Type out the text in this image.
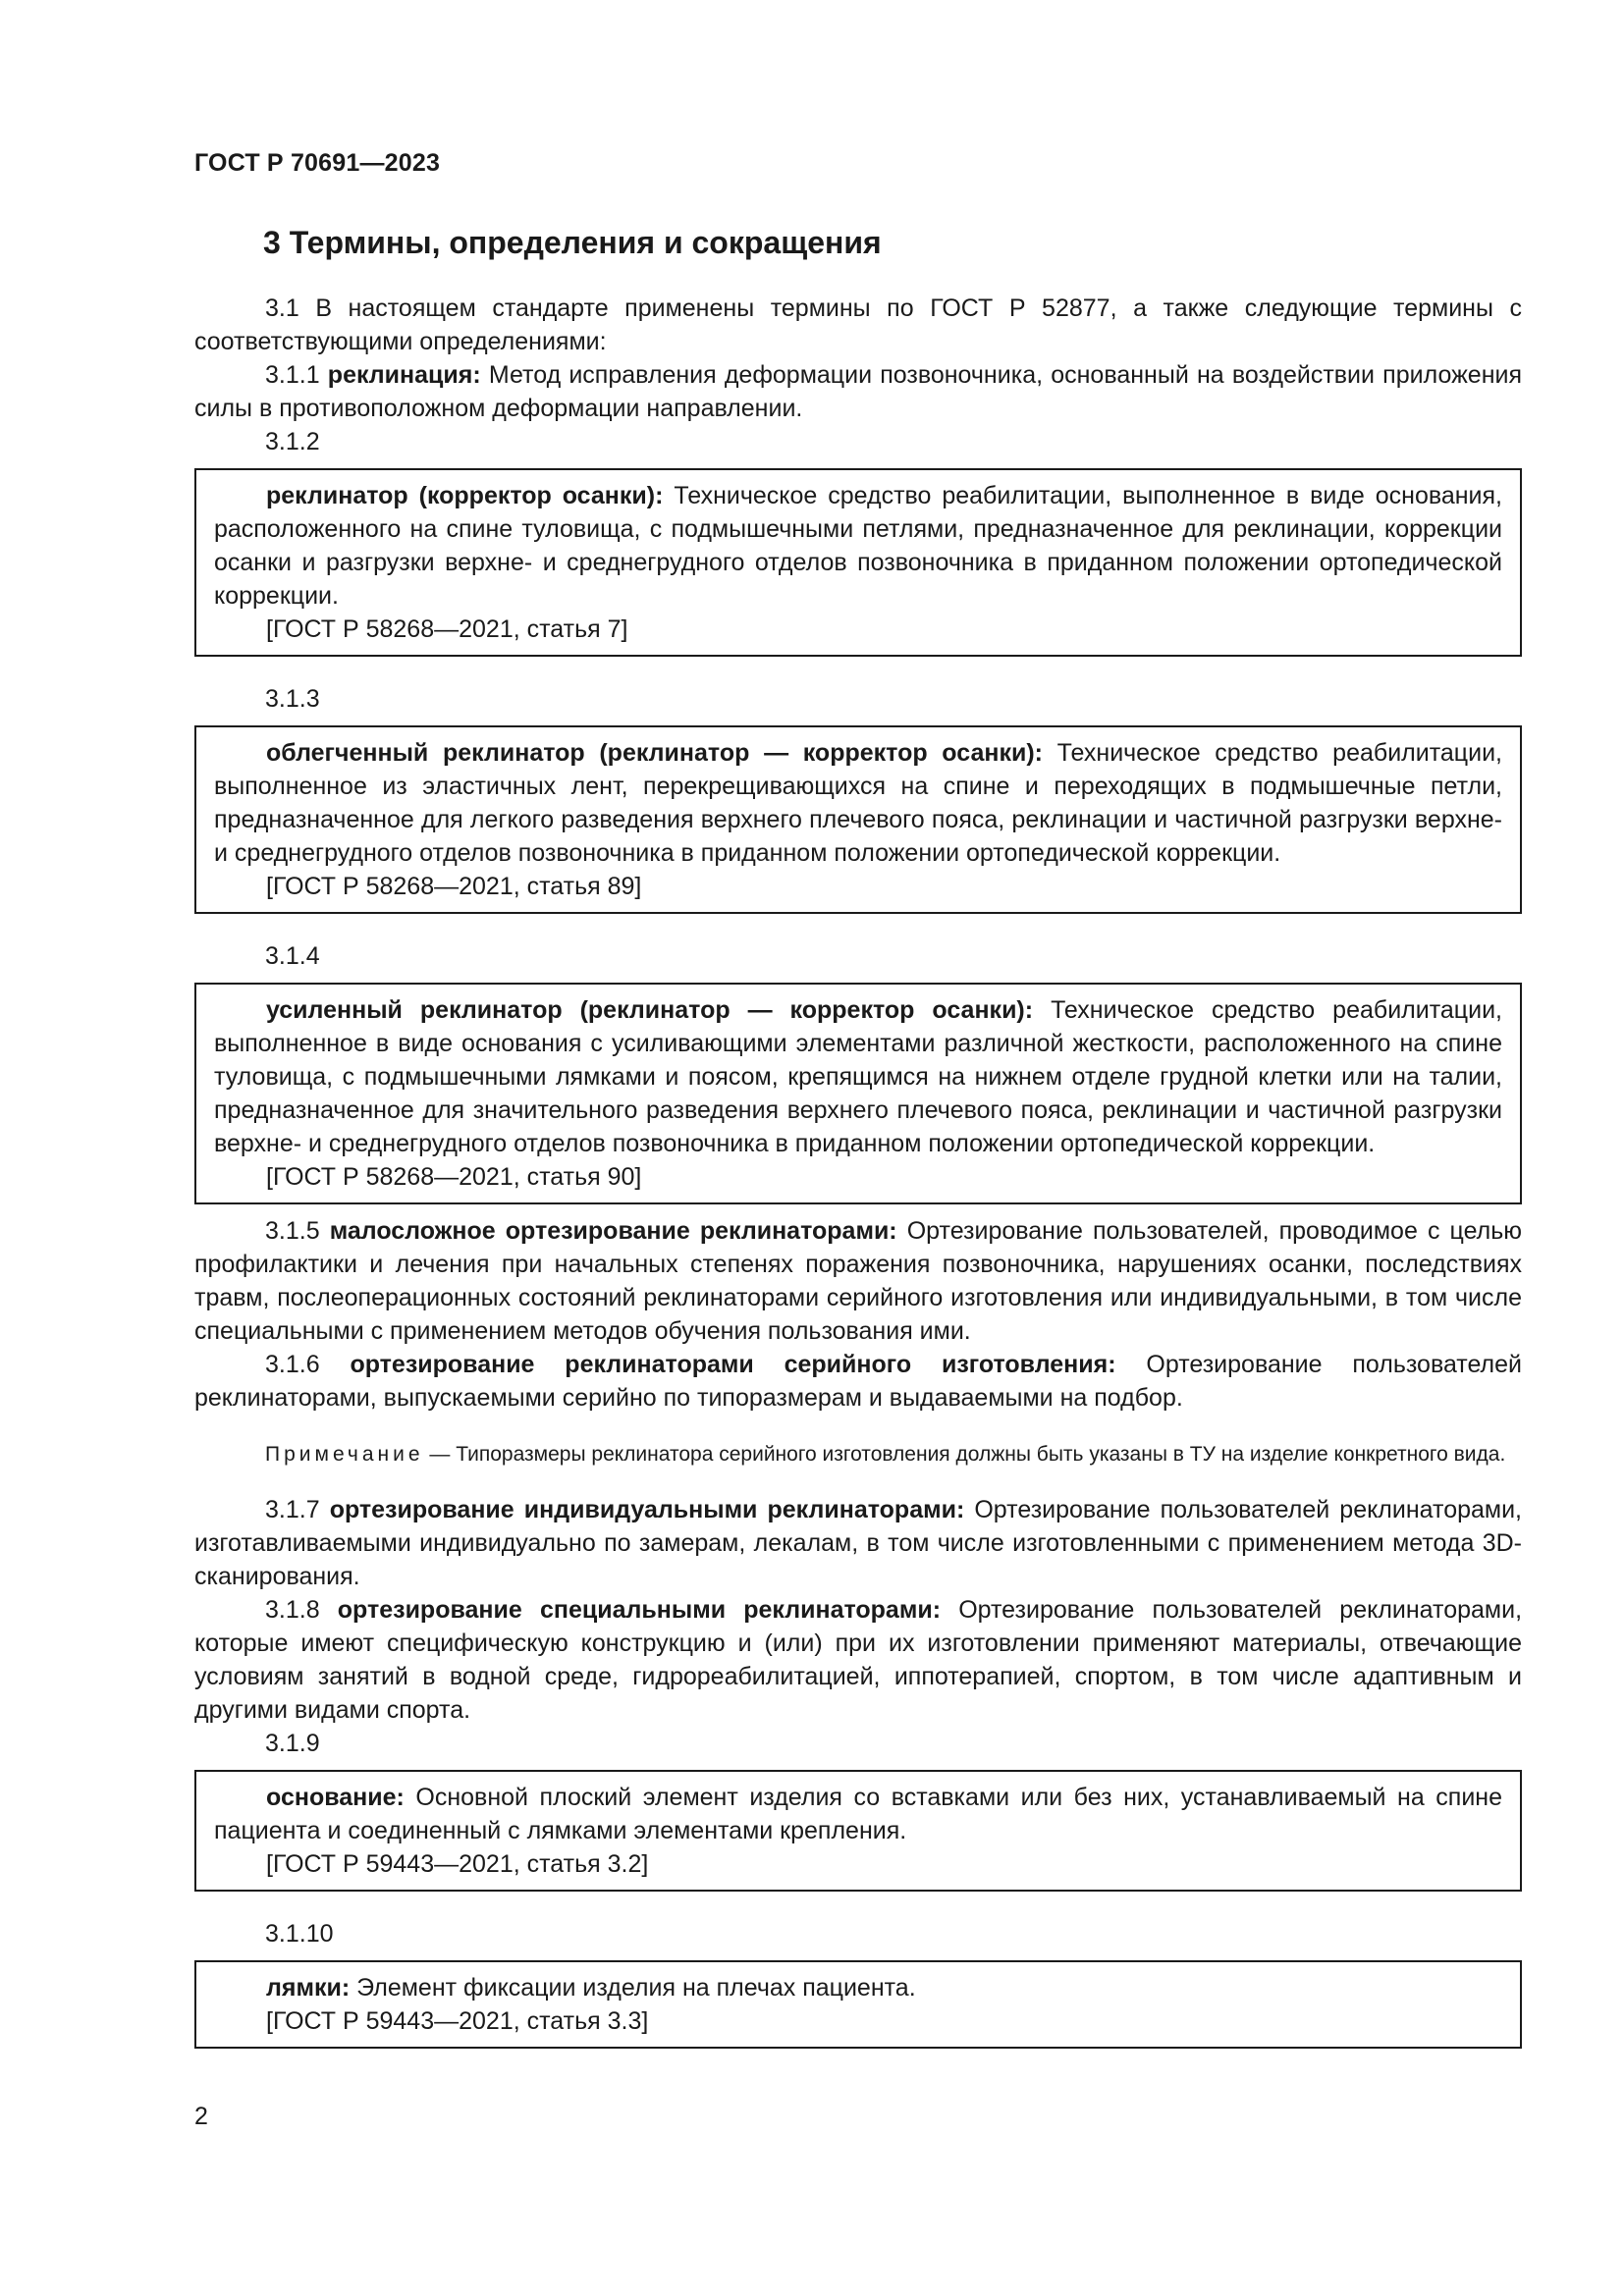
ГОСТ Р 70691—2023
3 Термины, определения и сокращения

3.1 В настоящем стандарте применены термины по ГОСТ Р 52877, а также следующие термины с соответствующими определениями:

3.1.1 реклинация: Метод исправления деформации позвоночника, основанный на воздействии приложения силы в противоположном деформации направлении.

3.1.2

реклинатор (корректор осанки): Техническое средство реабилитации, выполненное в виде основания, расположенного на спине туловища, с подмышечными петлями, предназначенное для реклинации, коррекции осанки и разгрузки верхне- и среднегрудного отделов позвоночника в приданном положении ортопедической коррекции.

[ГОСТ Р 58268—2021, статья 7]

3.1.3

облегченный реклинатор (реклинатор — корректор осанки): Техническое средство реабилитации, выполненное из эластичных лент, перекрещивающихся на спине и переходящих в подмышечные петли, предназначенное для легкого разведения верхнего плечевого пояса, реклинации и частичной разгрузки верхне- и среднегрудного отделов позвоночника в приданном положении ортопедической коррекции.

[ГОСТ Р 58268—2021, статья 89]

3.1.4

усиленный реклинатор (реклинатор — корректор осанки): Техническое средство реабилитации, выполненное в виде основания с усиливающими элементами различной жесткости, расположенного на спине туловища, с подмышечными лямками и поясом, крепящимся на нижнем отделе грудной клетки или на талии, предназначенное для значительного разведения верхнего плечевого пояса, реклинации и частичной разгрузки верхне- и среднегрудного отделов позвоночника в приданном положении ортопедической коррекции.

[ГОСТ Р 58268—2021, статья 90]

3.1.5 малосложное ортезирование реклинаторами: Ортезирование пользователей, проводимое с целью профилактики и лечения при начальных степенях поражения позвоночника, нарушениях осанки, последствиях травм, послеоперационных состояний реклинаторами серийного изготовления или индивидуальными, в том числе специальными с применением методов обучения пользования ими.

3.1.6 ортезирование реклинаторами серийного изготовления: Ортезирование пользователей реклинаторами, выпускаемыми серийно по типоразмерам и выдаваемыми на подбор.

Примечание — Типоразмеры реклинатора серийного изготовления должны быть указаны в ТУ на изделие конкретного вида.

3.1.7 ортезирование индивидуальными реклинаторами: Ортезирование пользователей реклинаторами, изготавливаемыми индивидуально по замерам, лекалам, в том числе изготовленными с применением метода 3D-сканирования.

3.1.8 ортезирование специальными реклинаторами: Ортезирование пользователей реклинаторами, которые имеют специфическую конструкцию и (или) при их изготовлении применяют материалы, отвечающие условиям занятий в водной среде, гидрореабилитацией, иппотерапией, спортом, в том числе адаптивным и другими видами спорта.

3.1.9

основание: Основной плоский элемент изделия со вставками или без них, устанавливаемый на спине пациента и соединенный с лямками элементами крепления.

[ГОСТ Р 59443—2021, статья 3.2]

3.1.10

лямки: Элемент фиксации изделия на плечах пациента.

[ГОСТ Р 59443—2021, статья 3.3]

2
